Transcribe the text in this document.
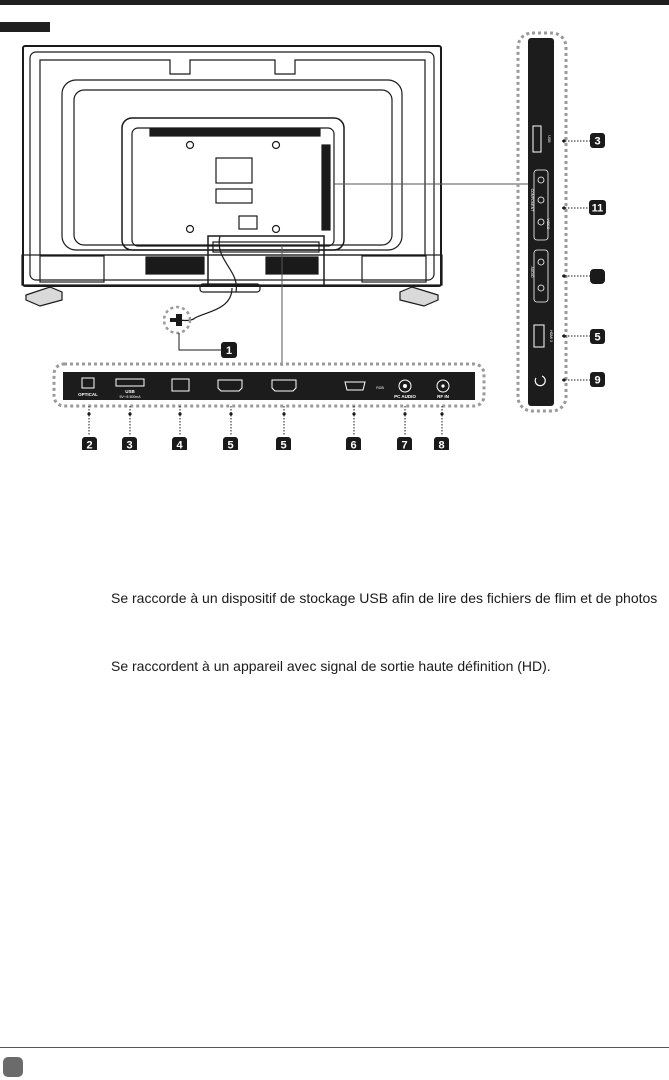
1
OPTICAL
USB
5V⎓5 500mA
RGB
PC AUDIO	RF IN
2	3	4	5	5	6	7	8
USB
COMPONENT
VIDEO
AUDIO
HDMI 3
3
11
5
9
Se raccorde à un dispositif de stockage USB afin de lire des fichiers de flim et de photos
Se raccordent à un appareil avec signal de sortie haute définition (HD).
